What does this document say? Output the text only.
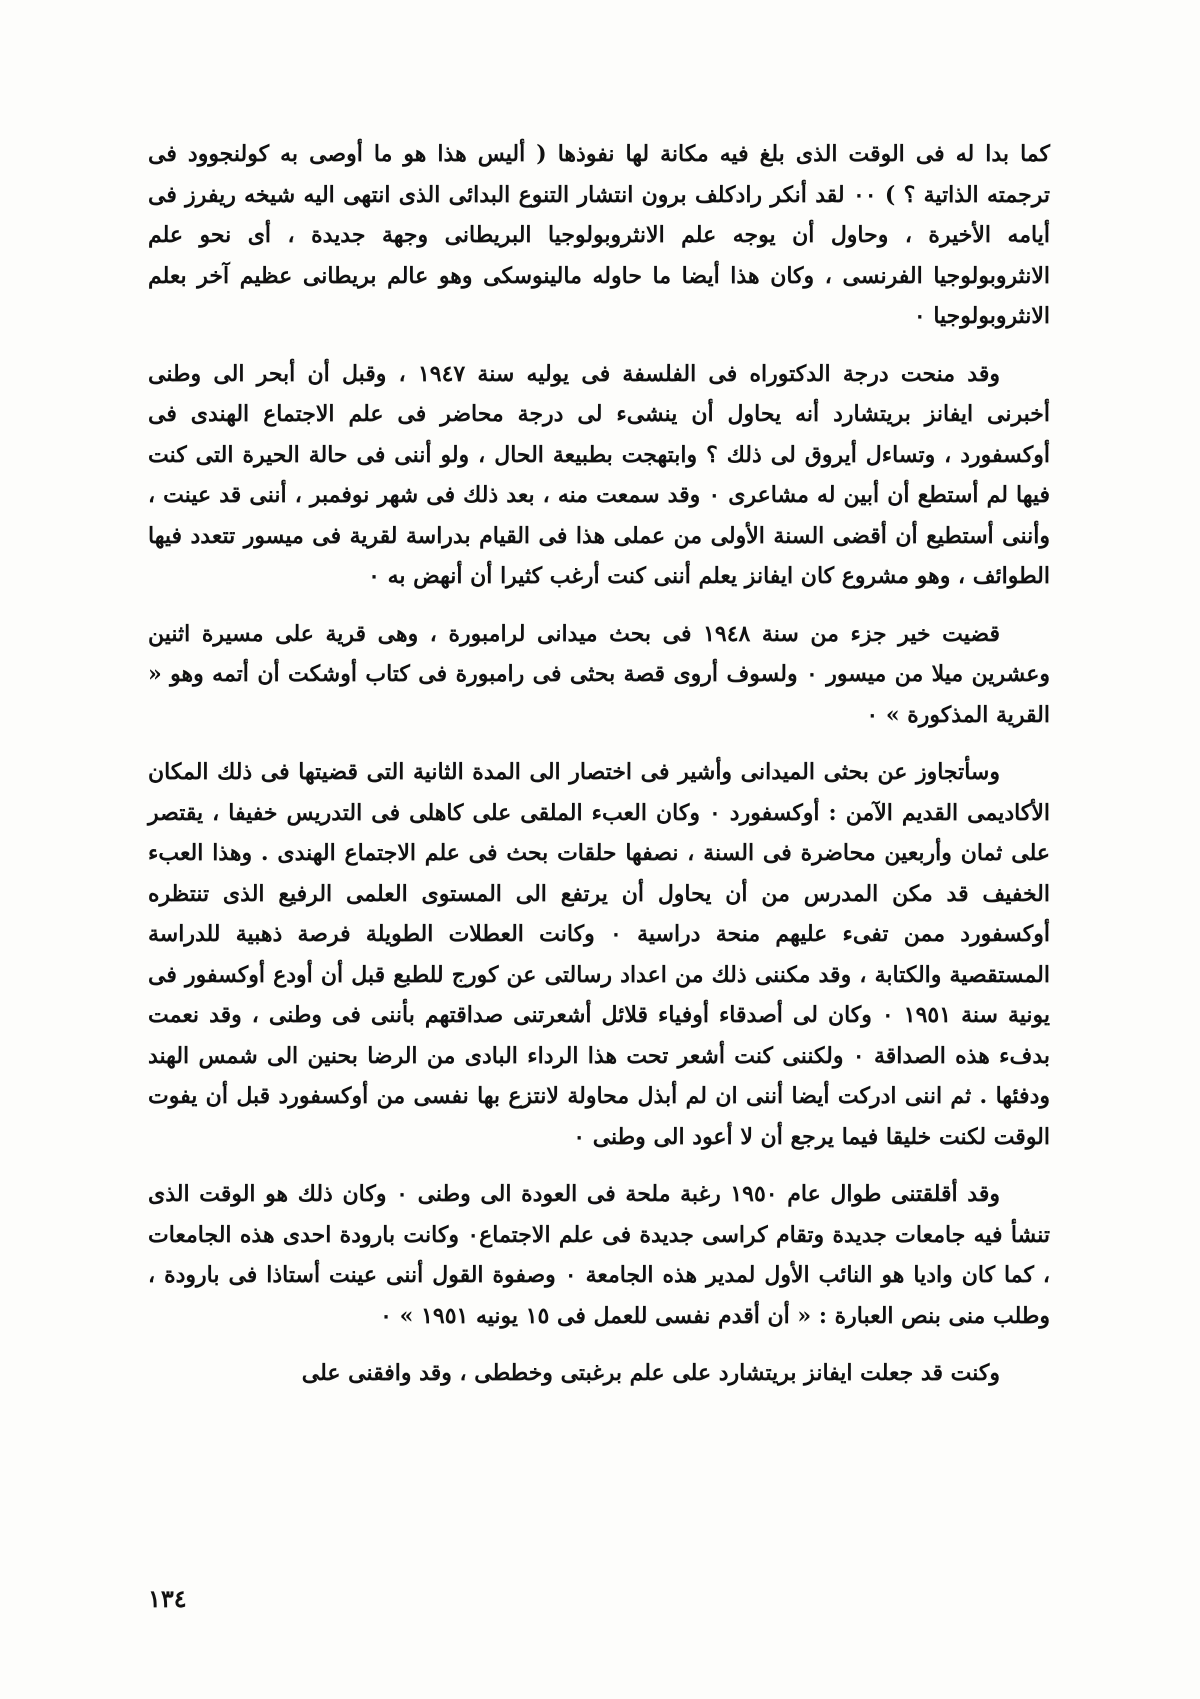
كما بدا له فى الوقت الذى بلغ فيه مكانة لها نفوذها ( أليس هذا هو ما أوصى به كولنجوود فى ترجمته الذاتية ؟ ) ٠٠ لقد أنكر رادكلف برون انتشار التنوع البدائى الذى انتهى اليه شيخه ريفرز فى أيامه الأخيرة ، وحاول أن يوجه علم الانثروبولوجيا البريطانى وجهة جديدة ، أى نحو علم الانثروبولوجيا الفرنسى ، وكان هذا أيضا ما حاوله مالينوسكى وهو عالم بريطانى عظيم آخر بعلم الانثروبولوجيا ٠

وقد منحت درجة الدكتوراه فى الفلسفة فى يوليه سنة ١٩٤٧ ، وقبل أن أبحر الى وطنى أخبرنى ايفانز بريتشارد أنه يحاول أن ينشىء لى درجة محاضر فى علم الاجتماع الهندى فى أوكسفورد ، وتساءل أيروق لى ذلك ؟ وابتهجت بطبيعة الحال ، ولو أننى فى حالة الحيرة التى كنت فيها لم أستطع أن أبين له مشاعرى ٠ وقد سمعت منه ، بعد ذلك فى شهر نوفمبر ، أننى قد عينت ، وأننى أستطيع أن أقضى السنة الأولى من عملى هذا فى القيام بدراسة لقرية فى ميسور تتعدد فيها الطوائف ، وهو مشروع كان ايفانز يعلم أننى كنت أرغب كثيرا أن أنهض به ٠

قضيت خير جزء من سنة ١٩٤٨ فى بحث ميدانى لرامبورة ، وهى قرية على مسيرة اثنين وعشرين ميلا من ميسور ٠ ولسوف أروى قصة بحثى فى رامبورة فى كتاب أوشكت أن أتمه وهو « القرية المذكورة » ٠

وسأتجاوز عن بحثى الميدانى وأشير فى اختصار الى المدة الثانية التى قضيتها فى ذلك المكان الأكاديمى القديم الآمن : أوكسفورد ٠ وكان العبء الملقى على كاهلى فى التدريس خفيفا ، يقتصر على ثمان وأربعين محاضرة فى السنة ، نصفها حلقات بحث فى علم الاجتماع الهندى . وهذا العبء الخفيف قد مكن المدرس من أن يحاول أن يرتفع الى المستوى العلمى الرفيع الذى تنتظره أوكسفورد ممن تفىء عليهم منحة دراسية ٠ وكانت العطلات الطويلة فرصة ذهبية للدراسة المستقصية والكتابة ، وقد مكننى ذلك من اعداد رسالتى عن كورج للطبع قبل أن أودع أوكسفور فى يونية سنة ١٩٥١ ٠ وكان لى أصدقاء أوفياء قلائل أشعرتنى صداقتهم بأننى فى وطنى ، وقد نعمت بدفء هذه الصداقة ٠ ولكننى كنت أشعر تحت هذا الرداء البادى من الرضا بحنين الى شمس الهند ودفئها . ثم اننى ادركت أيضا أننى ان لم أبذل محاولة لانتزع بها نفسى من أوكسفورد قبل أن يفوت الوقت لكنت خليقا فيما يرجع أن لا أعود الى وطنى ٠

وقد أقلقتنى طوال عام ١٩٥٠ رغبة ملحة فى العودة الى وطنى ٠ وكان ذلك هو الوقت الذى تنشأ فيه جامعات جديدة وتقام كراسى جديدة فى علم الاجتماع٠ وكانت بارودة احدى هذه الجامعات ، كما كان واديا هو النائب الأول لمدير هذه الجامعة ٠ وصفوة القول أننى عينت أستاذا فى بارودة ، وطلب منى بنص العبارة : « أن أقدم نفسى للعمل فى ١٥ يونيه ١٩٥١ » ٠

وكنت قد جعلت ايفانز بريتشارد على علم برغبتى وخططى ، وقد وافقنى على

١٣٤
